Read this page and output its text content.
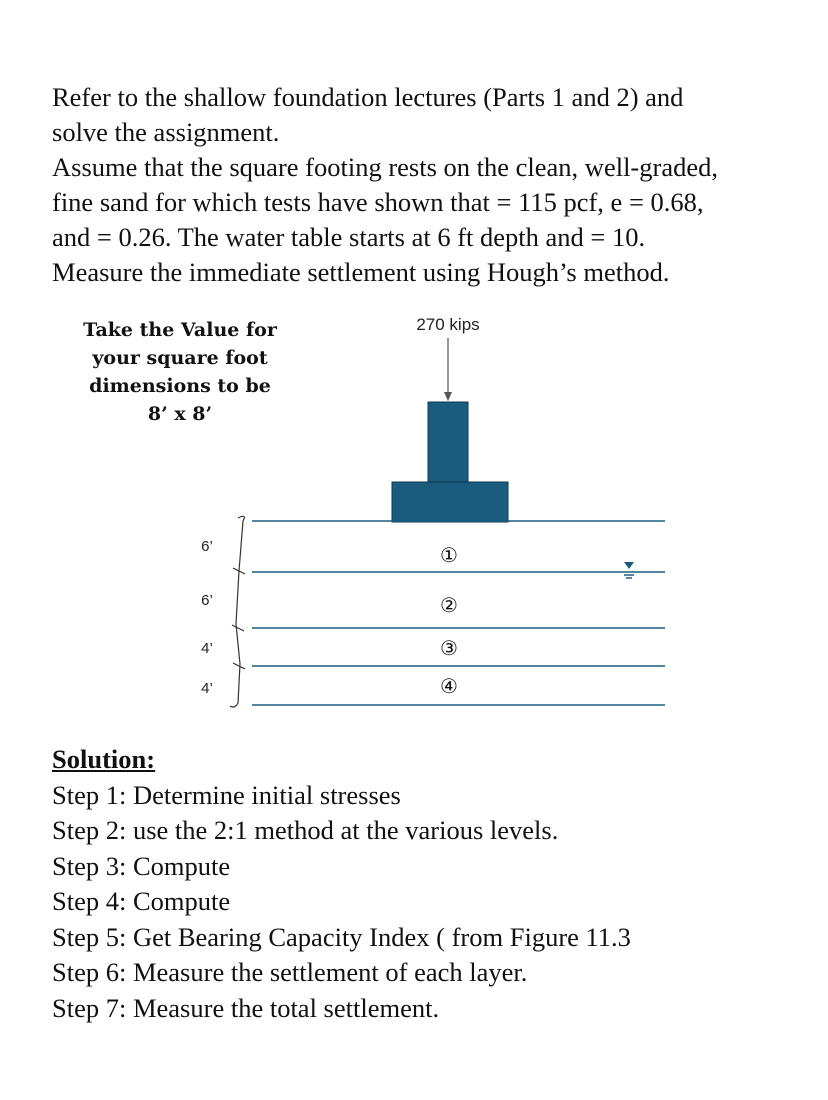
Refer to the shallow foundation lectures (Parts 1 and 2) and

solve the assignment.

Assume that the square footing rests on the clean, well-graded,

fine sand for which tests have shown that = 115 pcf, e = 0.68,

and = 0.26. The water table starts at 6 ft depth and = 10.

Measure the immediate settlement using Hough’s method.

Take the Value for
your square foot
dimensions to be
8’ x 8’
270 kips
6’
6’
4’
4’
①
②
③
④

Solution:

Step 1: Determine initial stresses

Step 2: use the 2:1 method at the various levels.

Step 3: Compute

Step 4: Compute

Step 5: Get Bearing Capacity Index ( from Figure 11.3

Step 6: Measure the settlement of each layer.

Step 7: Measure the total settlement.
